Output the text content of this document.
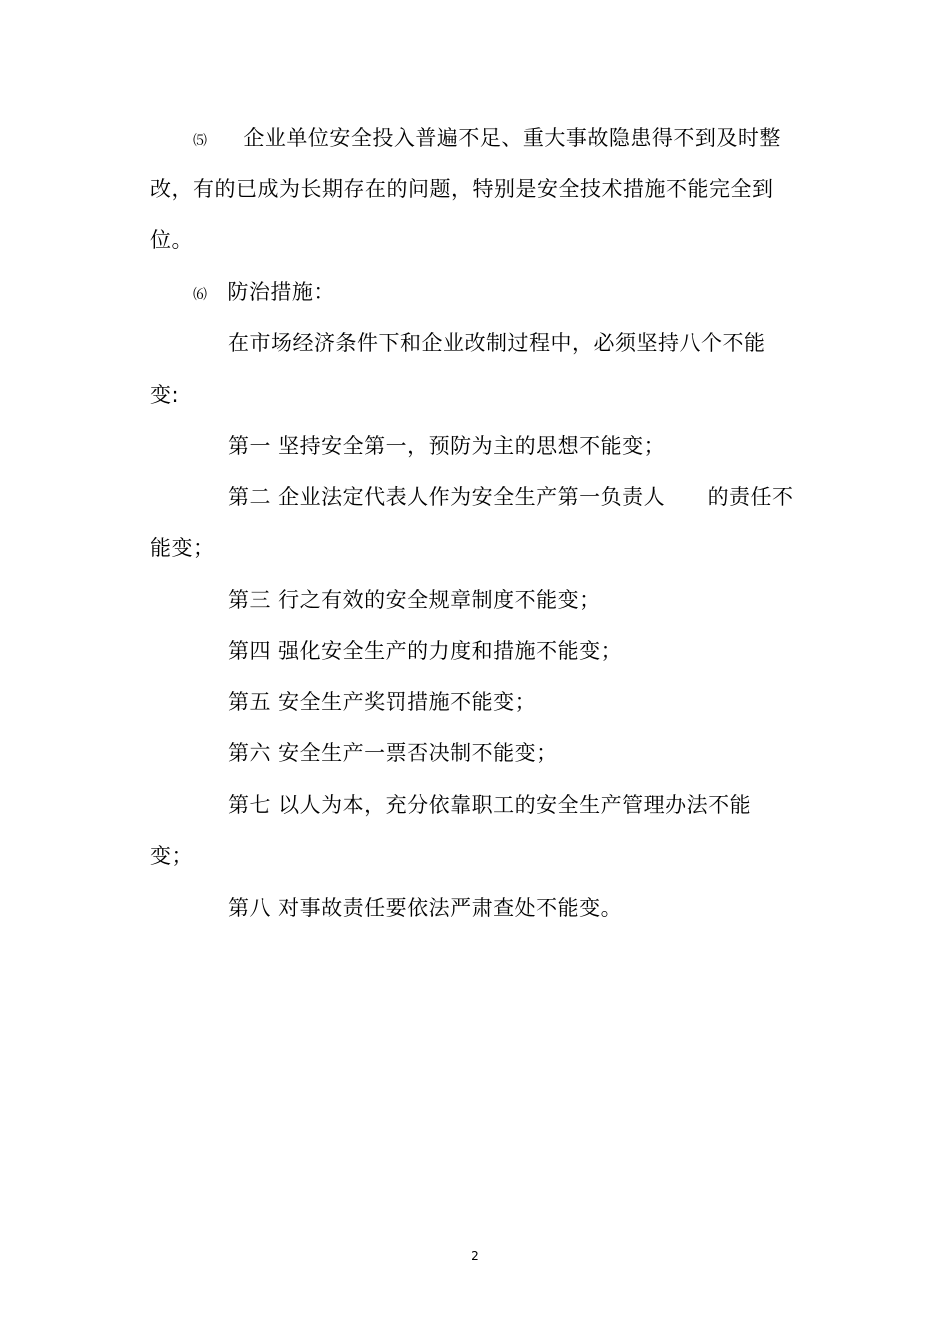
⑸ 企业单位安全投入普遍不足、重大事故隐患得不到及时整
改，有的已成为长期存在的问题，特别是安全技术措施不能完全到
位。
⑹ 防治措施：
在市场经济条件下和企业改制过程中，必须坚持八个不能
变:
第一 坚持安全第一，预防为主的思想不能变；
第二 企业法定代表人作为安全生产第一负责人 的责任不
能变；
第三 行之有效的安全规章制度不能变；
第四 强化安全生产的力度和措施不能变；
第五 安全生产奖罚措施不能变；
第六 安全生产一票否决制不能变；
第七 以人为本，充分依靠职工的安全生产管理办法不能
变；
第八 对事故责任要依法严肃查处不能变。
2
